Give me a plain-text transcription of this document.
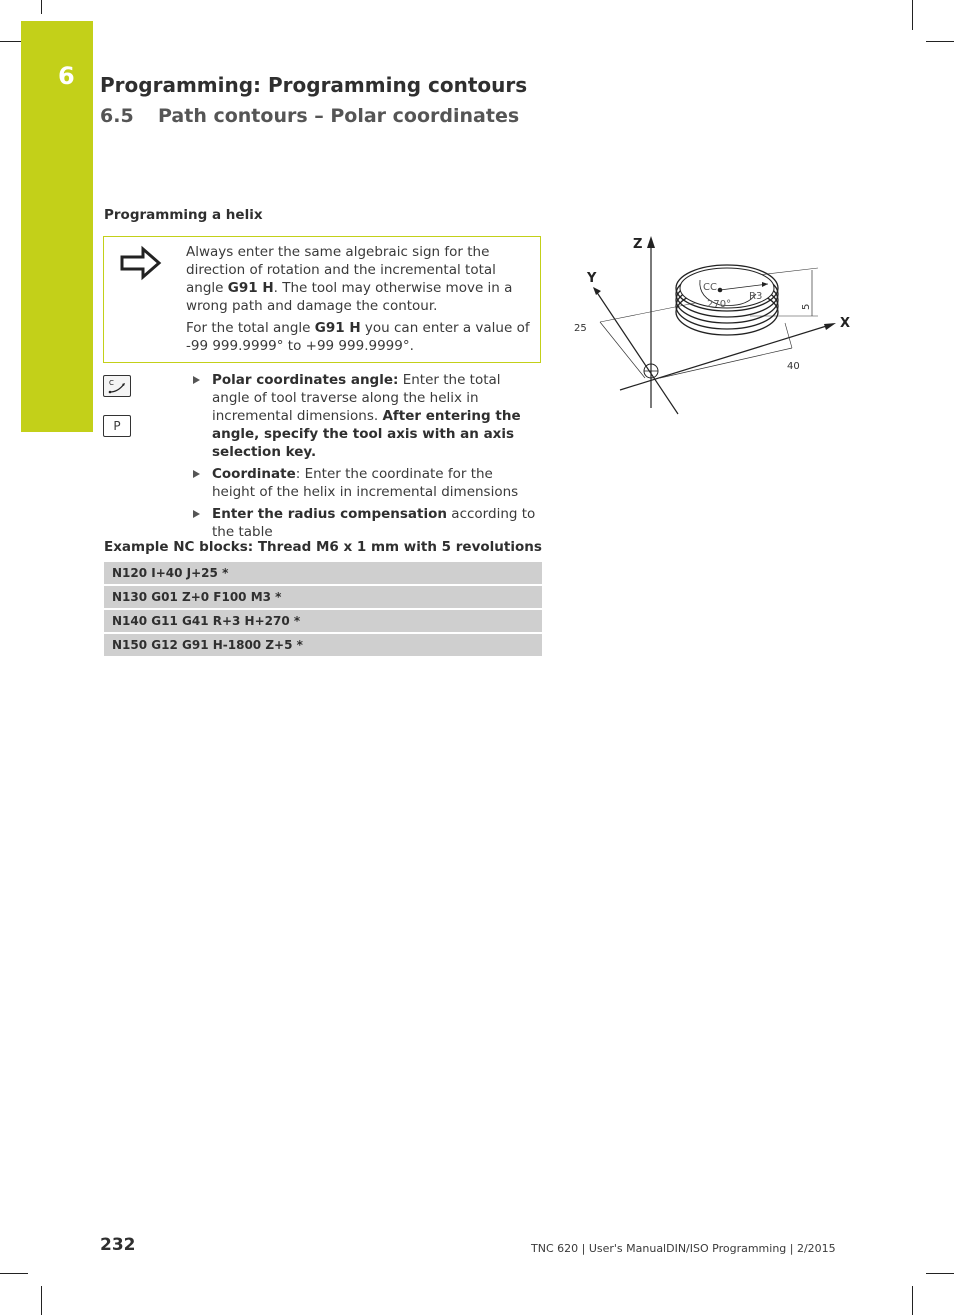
6 Programming: Programming contours
6.5 Path contours – Polar coordinates
Programming a helix

Always enter the same algebraic sign for the direction of rotation and the incremental total angle G91 H. The tool may otherwise move in a wrong path and damage the contour.

For the total angle G91 H you can enter a value of -99 999.9999° to +99 999.9999°.

C
P
Polar coordinates angle: Enter the total angle of tool traverse along the helix in incremental dimensions. After entering the angle, specify the tool axis with an axis selection key.
Coordinate: Enter the coordinate for the height of the helix in incremental dimensions
Enter the radius compensation according to the table
Example NC blocks: Thread M6 x 1 mm with 5 revolutions
N120 I+40 J+25 *
N130 G01 Z+0 F100 M3 *
N140 G11 G41 R+3 H+270 *
N150 G12 G91 H-1800 Z+5 *
Z
Y
X
25
40
5
CC
R3
270°
232	TNC 620 | User's ManualDIN/ISO Programming | 2/2015
